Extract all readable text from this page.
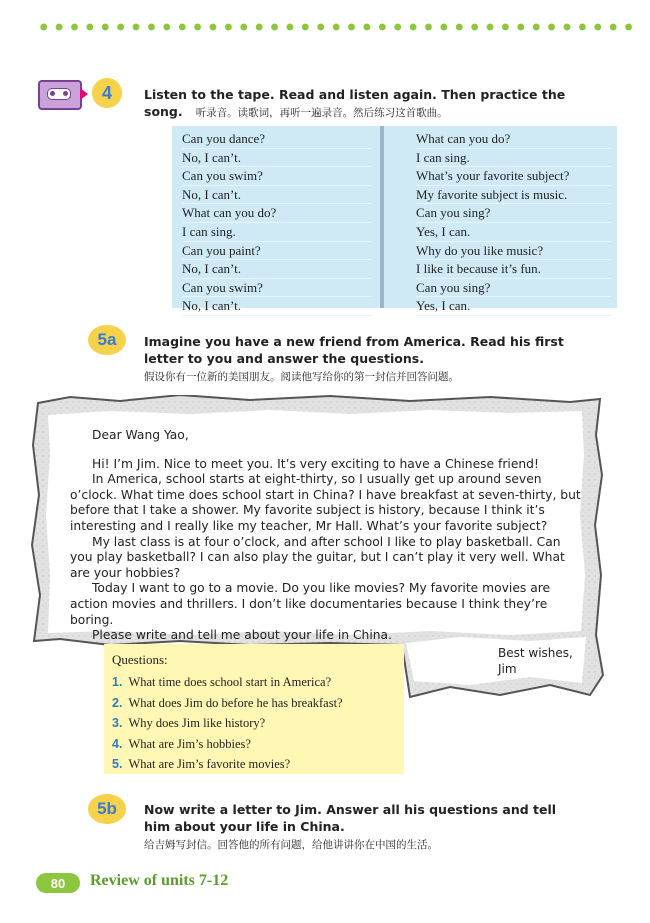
4	Listen to the tape. Read and listen again. Then practice the
song. 听录音。读歌词，再听一遍录音。然后练习这首歌曲。
Can you dance?
No, I can’t.
Can you swim?
No, I can’t.
What can you do?
I can sing.
Can you paint?
No, I can’t.
Can you swim?
No, I can’t.
What can you do?
I can sing.
What’s your favorite subject?
My favorite subject is music.
Can you sing?
Yes, I can.
Why do you like music?
I like it because it’s fun.
Can you sing?
Yes, I can.
5a	Imagine you have a new friend from America. Read his first
letter to you and answer the questions.
假设你有一位新的美国朋友。阅读他写给你的第一封信并回答问题。

Dear Wang Yao,

Hi! I’m Jim. Nice to meet you. It’s very exciting to have a Chinese friend!

In America, school starts at eight-thirty, so I usually get up around seven o’clock. What time does school start in China? I have breakfast at seven-thirty, but before that I take a shower. My favorite subject is history, because I think it’s interesting and I really like my teacher, Mr Hall. What’s your favorite subject?

My last class is at four o’clock, and after school I like to play basketball. Can you play basketball? I can also play the guitar, but I can’t play it very well. What are your hobbies?

Today I want to go to a movie. Do you like movies? My favorite movies are action movies and thrillers. I don’t like documentaries because I think they’re boring.

Please write and tell me about your life in China.

Best wishes,
Jim
Questions:
1. What time does school start in America?
2. What does Jim do before he has breakfast?
3. Why does Jim like history?
4. What are Jim’s hobbies?
5. What are Jim’s favorite movies?
5b	Now write a letter to Jim. Answer all his questions and tell
him about your life in China.
给吉姆写封信。回答他的所有问题，给他讲讲你在中国的生活。
80	Review of units 7-12
